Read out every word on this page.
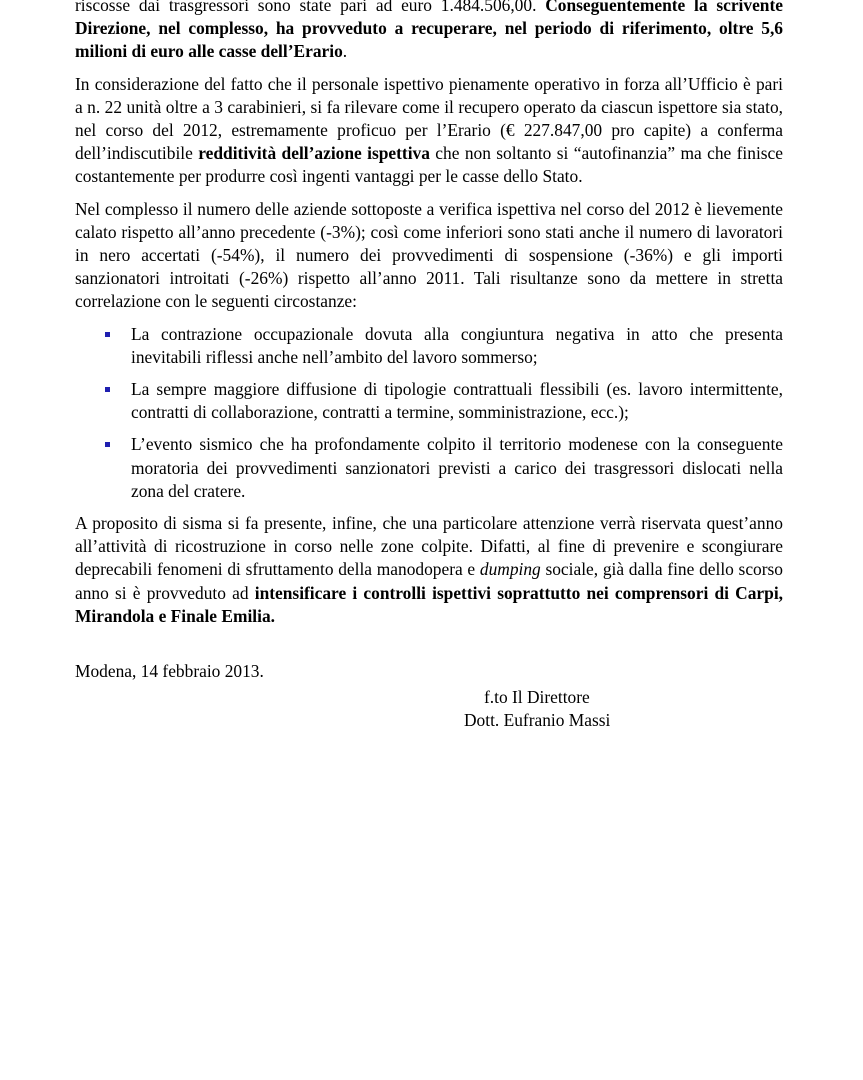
riscosse dai trasgressori sono state pari ad euro 1.484.506,00. Conseguentemente la scrivente Direzione, nel complesso, ha provveduto a recuperare, nel periodo di riferimento, oltre 5,6 milioni di euro alle casse dell’Erario.

In considerazione del fatto che il personale ispettivo pienamente operativo in forza all’Ufficio è pari a n. 22 unità oltre a 3 carabinieri, si fa rilevare come il recupero operato da ciascun ispettore sia stato, nel corso del 2012, estremamente proficuo per l’Erario (€ 227.847,00 pro capite) a conferma dell’indiscutibile redditività dell’azione ispettiva che non soltanto si “autofinanzia” ma che finisce costantemente per produrre così ingenti vantaggi per le casse dello Stato.

Nel complesso il numero delle aziende sottoposte a verifica ispettiva nel corso del 2012 è lievemente calato rispetto all’anno precedente (-3%); così come inferiori sono stati anche il numero di lavoratori in nero accertati (-54%), il numero dei provvedimenti di sospensione (-36%) e gli importi sanzionatori introitati (-26%) rispetto all’anno 2011. Tali risultanze sono da mettere in stretta correlazione con le seguenti circostanze:

La contrazione occupazionale dovuta alla congiuntura negativa in atto che presenta inevitabili riflessi anche nell’ambito del lavoro sommerso;
La sempre maggiore diffusione di tipologie contrattuali flessibili (es. lavoro intermittente, contratti di collaborazione, contratti a termine, somministrazione, ecc.);
L’evento sismico che ha profondamente colpito il territorio modenese con la conseguente moratoria dei provvedimenti sanzionatori previsti a carico dei trasgressori dislocati nella zona del cratere.

A proposito di sisma si fa presente, infine, che una particolare attenzione verrà riservata quest’anno all’attività di ricostruzione in corso nelle zone colpite. Difatti, al fine di prevenire e scongiurare deprecabili fenomeni di sfruttamento della manodopera e dumping sociale, già dalla fine dello scorso anno si è provveduto ad intensificare i controlli ispettivi soprattutto nei comprensori di Carpi, Mirandola e Finale Emilia.

Modena, 14 febbraio 2013.

f.to Il Direttore
Dott. Eufranio Massi
